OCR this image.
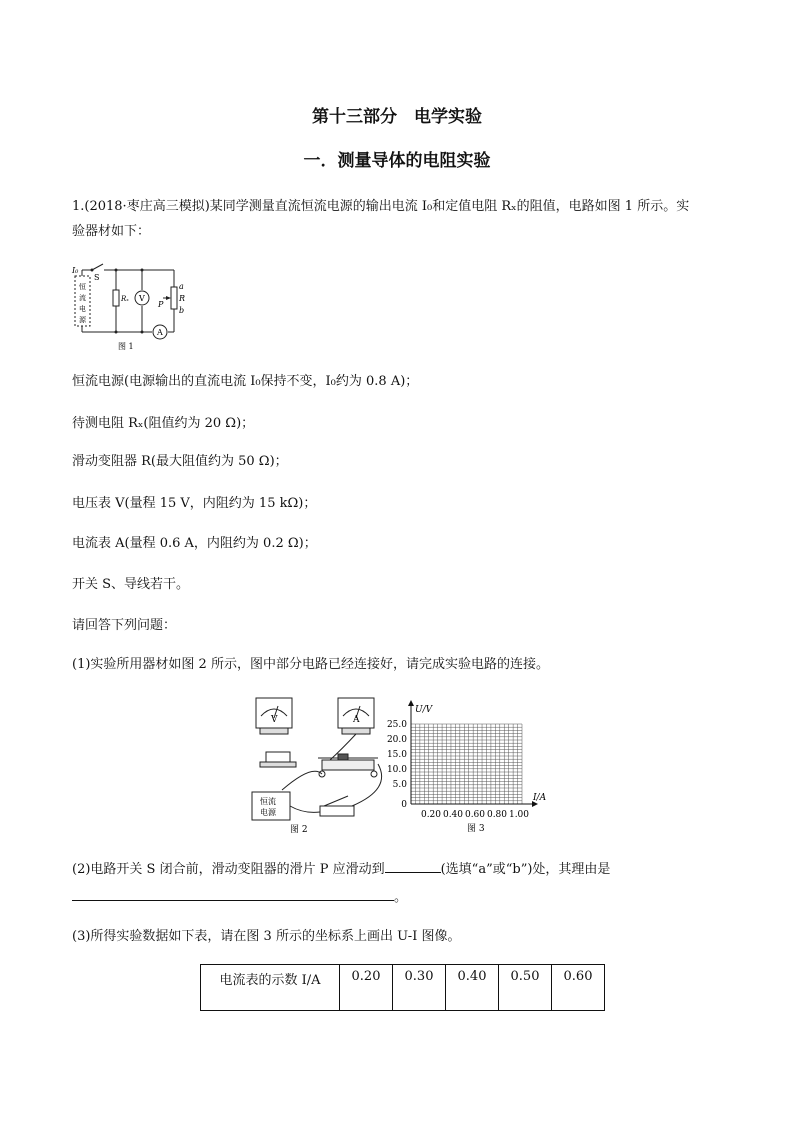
第十三部分　电学实验
一．测量导体的电阻实验
1.(2018·枣庄高三模拟)某同学测量直流恒流电源的输出电流 I₀和定值电阻 Rₓ的阻值，电路如图 1 所示。实
验器材如下：
I₀
S
恒
流
电
源
Rₓ V
P
a
R
b
A
图 1
恒流电源(电源输出的直流电流 I₀保持不变，I₀约为 0.8 A)；
待测电阻 Rₓ(阻值约为 20 Ω)；
滑动变阻器 R(最大阻值约为 50 Ω)；
电压表 V(量程 15 V，内阻约为 15 kΩ)；
电流表 A(量程 0.6 A，内阻约为 0.2 Ω)；
开关 S、导线若干。
请回答下列问题：
(1)实验所用器材如图 2 所示，图中部分电路已经连接好，请完成实验电路的连接。
V	A
恒流
电源
图 2
U/V
I/A
25.0
20.0
15.0
10.0
5.0
0
0.20 0.40 0.60 0.80 1.00
图 3
(2)电路开关 S 闭合前，滑动变阻器的滑片 P 应滑动到	(选填“a”或“b”)处，其理由是
。
(3)所得实验数据如下表，请在图 3 所示的坐标系上画出 U-I 图像。
电流表的示数 I/A	0.20	0.30	0.40	0.50	0.60
